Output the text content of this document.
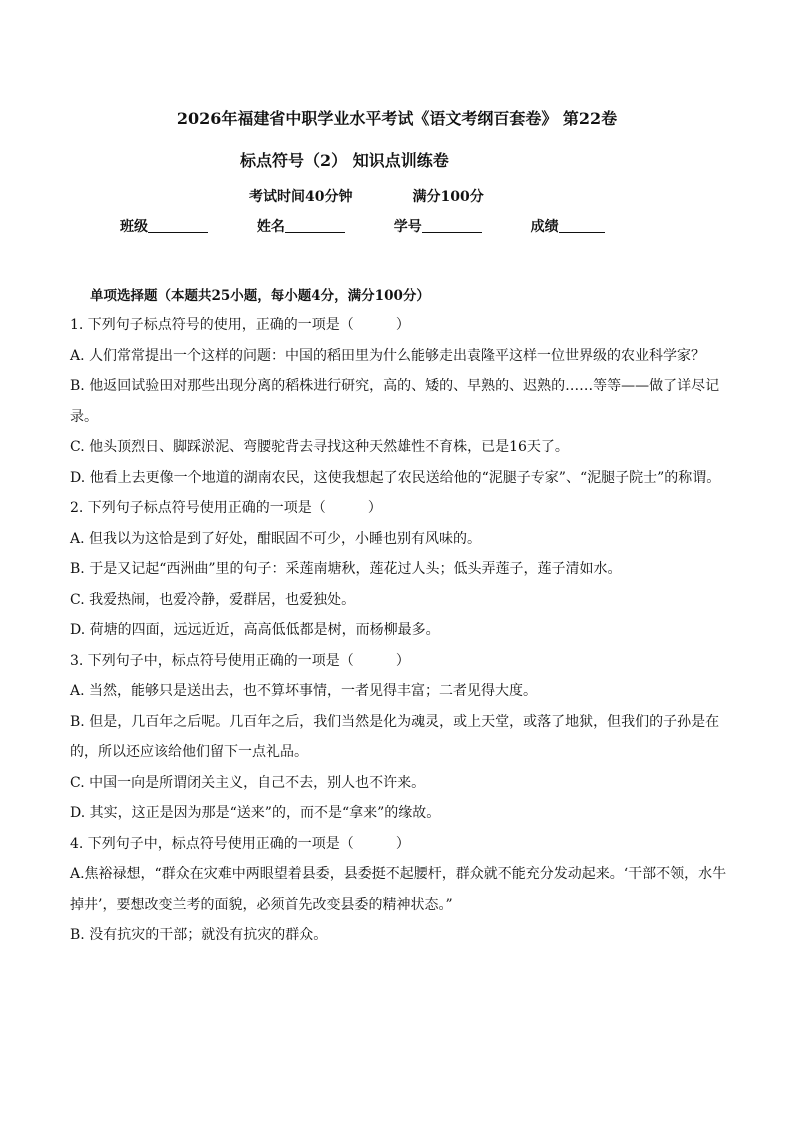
2026年福建省中职学业水平考试《语文考纲百套卷》 第22卷
标点符号（2） 知识点训练卷
考试时间40分钟	满分100分
班级	姓名	学号	成绩
单项选择题（本题共25小题，每小题4分，满分100分）

1. 下列句子标点符号的使用，正确的一项是（	）

A. 人们常常提出一个这样的问题：中国的稻田里为什么能够走出袁隆平这样一位世界级的农业科学家？

B. 他返回试验田对那些出现分离的稻株进行研究，高的、矮的、早熟的、迟熟的……等等——做了详尽记录。

C. 他头顶烈日、脚踩淤泥、弯腰驼背去寻找这种天然雄性不育株，已是16天了。

D. 他看上去更像一个地道的湖南农民，这使我想起了农民送给他的“泥腿子专家”、“泥腿子院士”的称谓。

2. 下列句子标点符号使用正确的一项是（	）

A. 但我以为这恰是到了好处，酣眠固不可少，小睡也别有风味的。

B. 于是又记起“西洲曲”里的句子：采莲南塘秋，莲花过人头；低头弄莲子，莲子清如水。

C. 我爱热闹，也爱冷静，爱群居，也爱独处。

D. 荷塘的四面，远远近近，高高低低都是树，而杨柳最多。

3. 下列句子中，标点符号使用正确的一项是（	）

A. 当然，能够只是送出去，也不算坏事情，一者见得丰富；二者见得大度。

B. 但是，几百年之后呢。几百年之后，我们当然是化为魂灵，或上天堂，或落了地狱，但我们的子孙是在的，所以还应该给他们留下一点礼品。

C. 中国一向是所谓闭关主义，自己不去，别人也不许来。

D. 其实，这正是因为那是“送来”的，而不是“拿来”的缘故。

4. 下列句子中，标点符号使用正确的一项是（	）

A.焦裕禄想，“群众在灾难中两眼望着县委，县委挺不起腰杆，群众就不能充分发动起来。‘干部不领，水牛掉井’，要想改变兰考的面貌，必须首先改变县委的精神状态。”

B. 没有抗灾的干部；就没有抗灾的群众。
